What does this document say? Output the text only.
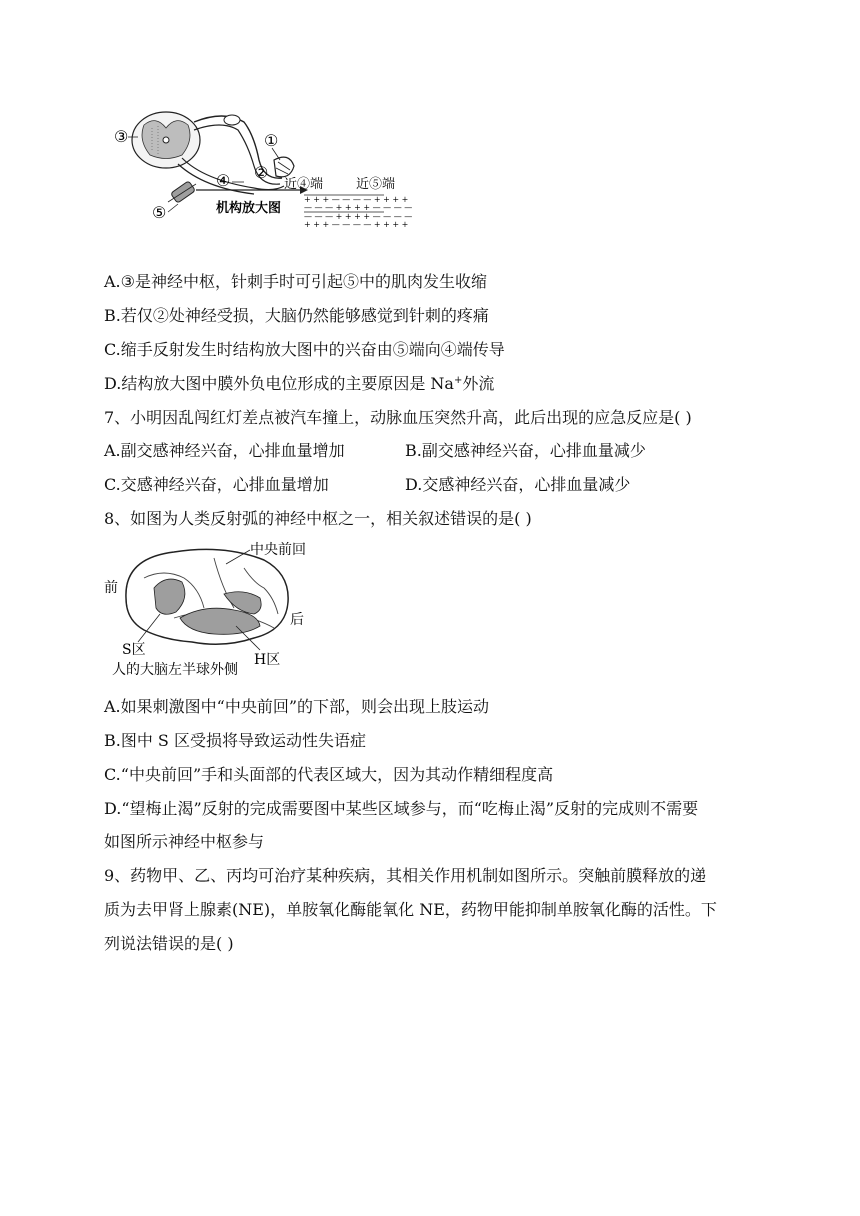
③	①
②
④
⑤
近④端	近⑤端
机构放大图
+ + + — — — — + + + +
— — — + + + + — — — —
— — — + + + + — — — —
+ + + — — — — + + + +
A.③是神经中枢，针刺手时可引起⑤中的肌肉发生收缩
B.若仅②处神经受损，大脑仍然能够感觉到针刺的疼痛
C.缩手反射发生时结构放大图中的兴奋由⑤端向④端传导
D.结构放大图中膜外负电位形成的主要原因是 Na+外流
7、小明因乱闯红灯差点被汽车撞上，动脉血压突然升高，此后出现的应急反应是( )
A.副交感神经兴奋，心排血量增加	B.副交感神经兴奋，心排血量减少
C.交感神经兴奋，心排血量增加	D.交感神经兴奋，心排血量减少
8、如图为人类反射弧的神经中枢之一，相关叙述错误的是( )
中央前回
前
后
S区
H区
人的大脑左半球外侧
A.如果刺激图中“中央前回”的下部，则会出现上肢运动
B.图中 S 区受损将导致运动性失语症
C.“中央前回”手和头面部的代表区域大，因为其动作精细程度高
D.“望梅止渴”反射的完成需要图中某些区域参与，而“吃梅止渴”反射的完成则不需要
如图所示神经中枢参与
9、药物甲、乙、丙均可治疗某种疾病，其相关作用机制如图所示。突触前膜释放的递
质为去甲肾上腺素(NE)，单胺氧化酶能氧化 NE，药物甲能抑制单胺氧化酶的活性。下
列说法错误的是( )
